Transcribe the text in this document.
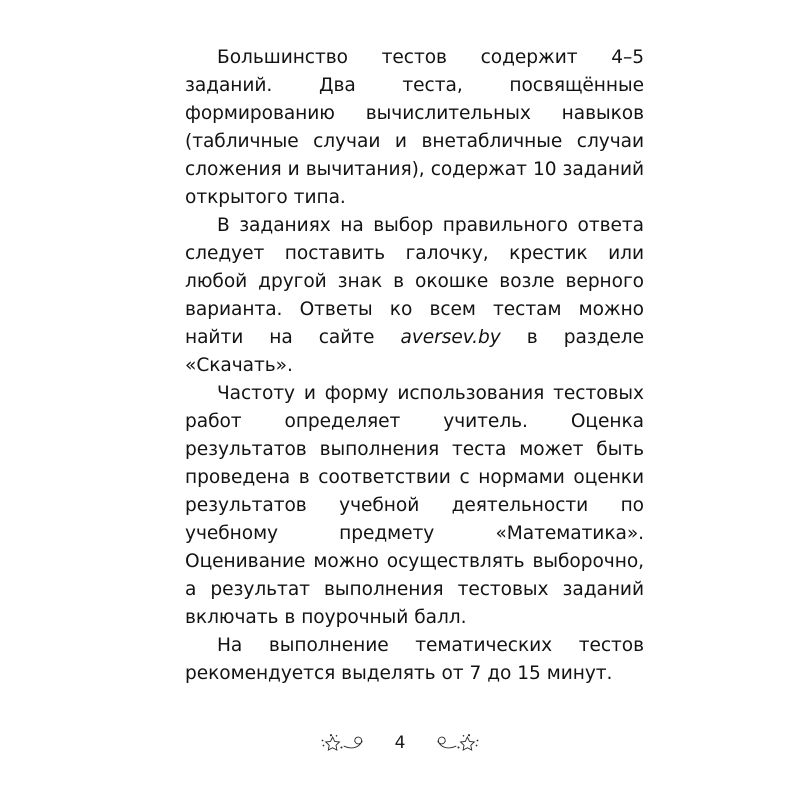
Большинство тестов содержит 4–5 заданий. Два теста, посвящённые формированию вычислительных навыков (табличные случаи и внетабличные случаи сложения и вычитания), содержат 10 заданий открытого типа.

В заданиях на выбор правильного ответа следует поставить галочку, крестик или любой другой знак в окошке возле верного варианта. Ответы ко всем тестам можно найти на сайте aversev.by в разделе «Скачать».

Частоту и форму использования тестовых работ определяет учитель. Оценка результатов выполнения теста может быть проведена в соответствии с нормами оценки результатов учебной деятельности по учебному предмету «Математика». Оценивание можно осуществлять выборочно, а результат выполнения тестовых заданий включать в поурочный балл.

На выполнение тематических тестов рекомендуется выделять от 7 до 15 минут.

4
